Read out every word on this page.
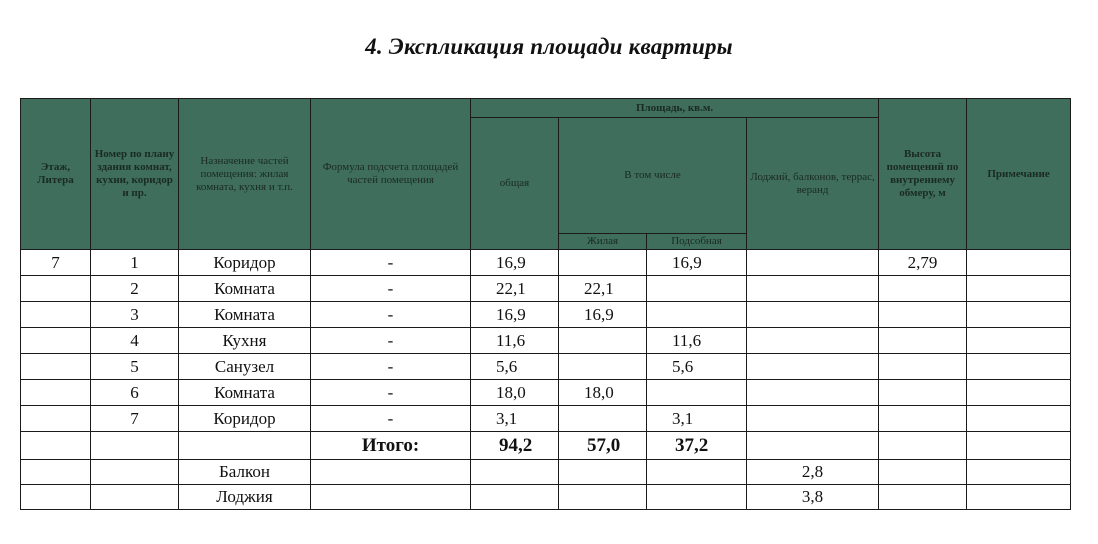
4. Экспликация площади квартиры
Этаж, Литера	Номер по плану здания комнат, кухни, коридор и пр.	Назначение частей помещения: жилая комната, кухня и т.п.	Формула подсчета площадей частей помещения	Площадь, кв.м.				Высота помещений по внутреннему обмеру, м	Примечание

				общая	В том числе		Лоджий, балконов, террас, веранд		

					Жилая	Подсобная			

7	1	Коридор	-	16,9		16,9		2,79	
	2	Комната	-	22,1	22,1				
	3	Комната	-	16,9	16,9				
	4	Кухня	-	11,6		11,6			
	5	Санузел	-	5,6		5,6			
	6	Комната	-	18,0	18,0				
	7	Коридор	-	3,1		3,1			
			Итого:	94,2	57,0	37,2			
		Балкон					2,8		
		Лоджия					3,8		
